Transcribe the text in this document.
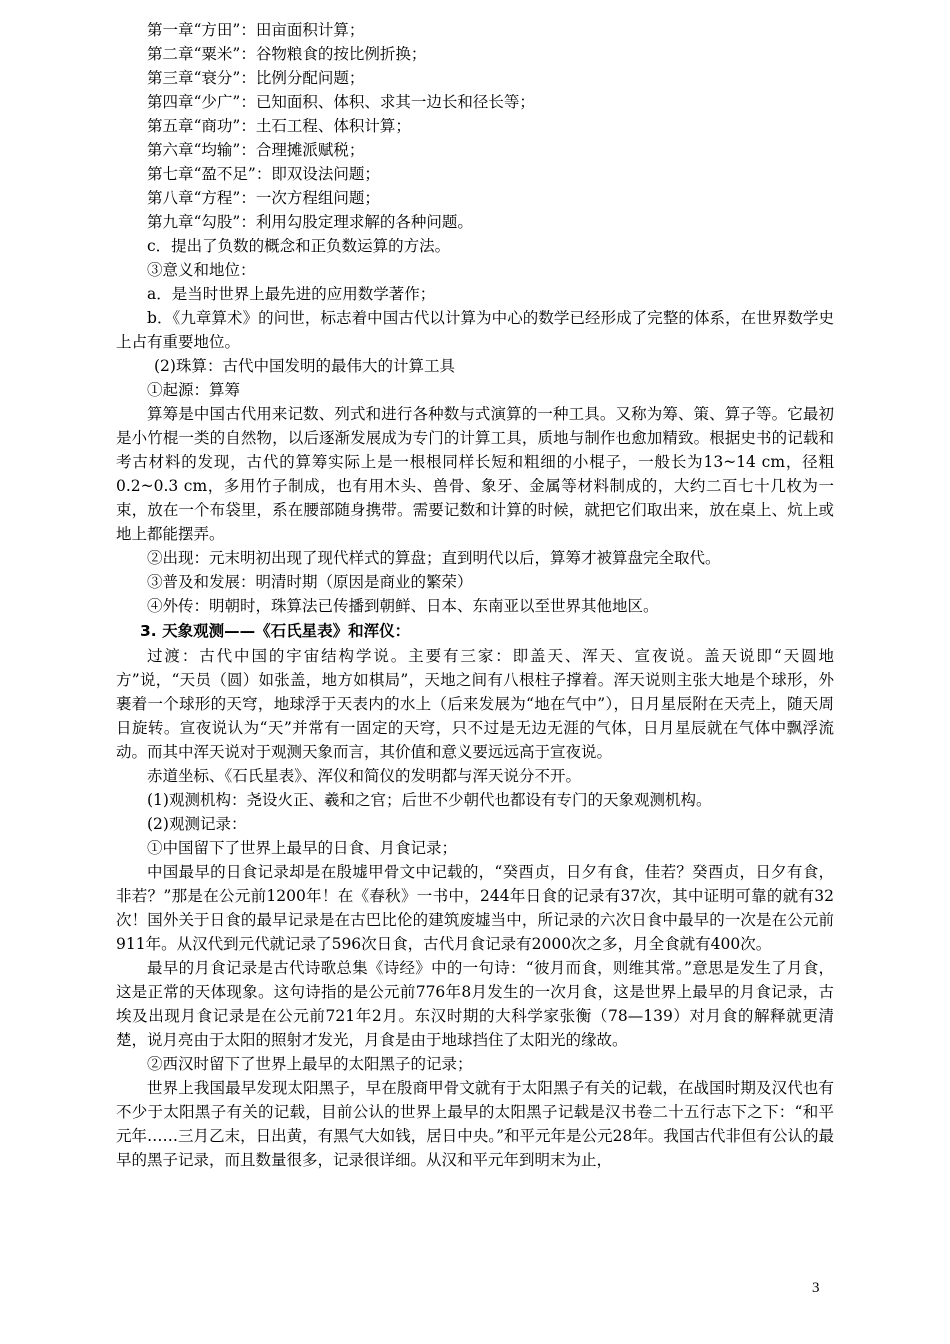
第一章“方田”：田亩面积计算；
第二章“粟米”：谷物粮食的按比例折换；
第三章“衰分”：比例分配问题；
第四章“少广”：已知面积、体积、求其一边长和径长等；
第五章“商功”：土石工程、体积计算；
第六章“均输”：合理摊派赋税；
第七章“盈不足”：即双设法问题；
第八章“方程”：一次方程组问题；
第九章“勾股”：利用勾股定理求解的各种问题。
c．提出了负数的概念和正负数运算的方法。
③意义和地位：
a．是当时世界上最先进的应用数学著作；

b．《九章算术》的问世，标志着中国古代以计算为中心的数学已经形成了完整的体系，在世界数学史上占有重要地位。

(2)珠算：古代中国发明的最伟大的计算工具
①起源：算筹

算筹是中国古代用来记数、列式和进行各种数与式演算的一种工具。又称为筹、策、算子等。它最初是小竹棍一类的自然物，以后逐渐发展成为专门的计算工具，质地与制作也愈加精致。根据史书的记载和考古材料的发现，古代的算筹实际上是一根根同样长短和粗细的小棍子，一般长为13~14 cm，径粗0.2~0.3 cm，多用竹子制成，也有用木头、兽骨、象牙、金属等材料制成的，大约二百七十几枚为一束，放在一个布袋里，系在腰部随身携带。需要记数和计算的时候，就把它们取出来，放在桌上、炕上或地上都能摆弄。

②出现：元末明初出现了现代样式的算盘；直到明代以后，算筹才被算盘完全取代。
③普及和发展：明清时期（原因是商业的繁荣）
④外传：明朝时，珠算法已传播到朝鲜、日本、东南亚以至世界其他地区。
3. 天象观测——《石氏星表》和浑仪：

过渡：古代中国的宇宙结构学说。主要有三家：即盖天、浑天、宣夜说。盖天说即“天圆地方”说，“天员（圆）如张盖，地方如棋局”，天地之间有八根柱子撑着。浑天说则主张大地是个球形，外裹着一个球形的天穹，地球浮于天表内的水上（后来发展为“地在气中”），日月星辰附在天壳上，随天周日旋转。宣夜说认为“天”并常有一固定的天穹，只不过是无边无涯的气体，日月星辰就在气体中飘浮流动。而其中浑天说对于观测天象而言，其价值和意义要远远高于宣夜说。

赤道坐标、《石氏星表》、浑仪和简仪的发明都与浑天说分不开。

(1)观测机构：尧设火正、羲和之官；后世不少朝代也都设有专门的天象观测机构。
(2)观测记录：
①中国留下了世界上最早的日食、月食记录；

中国最早的日食记录却是在殷墟甲骨文中记载的，“癸酉贞，日夕有食，佳若？癸酉贞，日夕有食，非若？”那是在公元前1200年！在《春秋》一书中，244年日食的记录有37次，其中证明可靠的就有32次！国外关于日食的最早记录是在古巴比伦的建筑废墟当中，所记录的六次日食中最早的一次是在公元前911年。从汉代到元代就记录了596次日食，古代月食记录有2000次之多，月全食就有400次。

最早的月食记录是古代诗歌总集《诗经》中的一句诗：“彼月而食，则维其常。”意思是发生了月食，这是正常的天体现象。这句诗指的是公元前776年8月发生的一次月食，这是世界上最早的月食记录，古埃及出现月食记录是在公元前721年2月。东汉时期的大科学家张衡（78—139）对月食的解释就更清楚，说月亮由于太阳的照射才发光，月食是由于地球挡住了太阳光的缘故。

②西汉时留下了世界上最早的太阳黑子的记录；

世界上我国最早发现太阳黑子，早在殷商甲骨文就有于太阳黑子有关的记载，在战国时期及汉代也有不少于太阳黑子有关的记载，目前公认的世界上最早的太阳黑子记载是汉书卷二十五行志下之下：“和平元年……三月乙末，日出黄，有黑气大如钱，居日中央。”和平元年是公元28年。我国古代非但有公认的最早的黑子记录，而且数量很多，记录很详细。从汉和平元年到明末为止，

3
